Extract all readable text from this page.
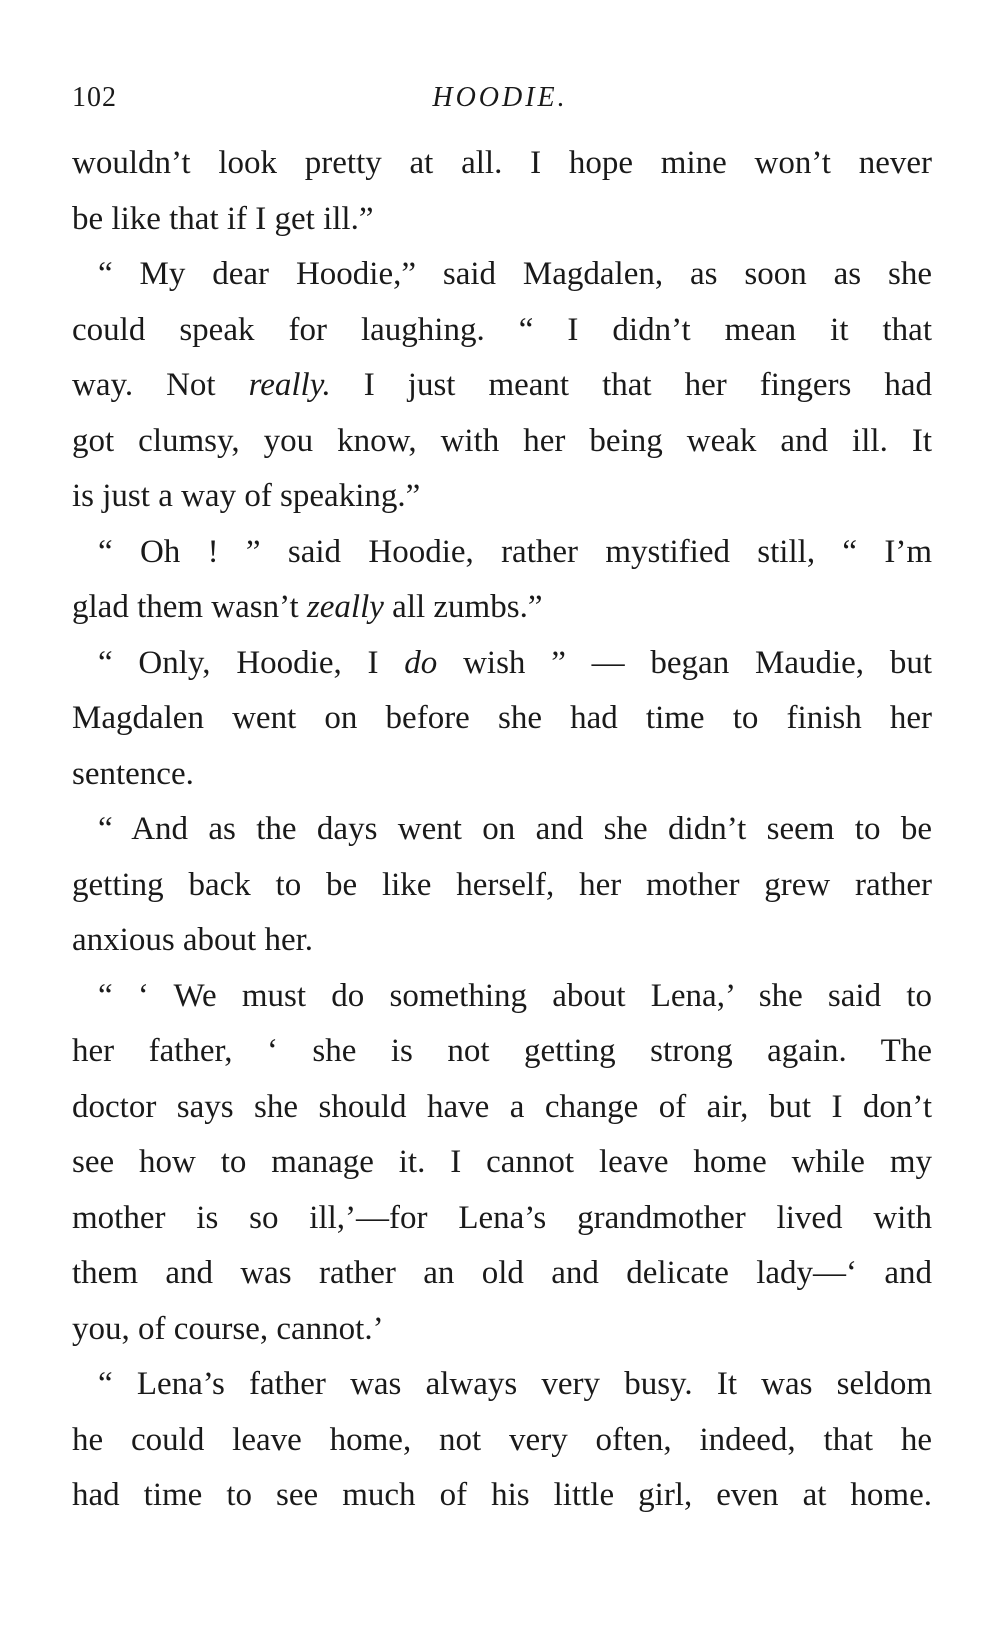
102	HOODIE.
wouldn’t look pretty at all. I hope mine won’t never
be like that if I get ill.”
“ My dear Hoodie,” said Magdalen, as soon as she
could speak for laughing. “ I didn’t mean it that
way. Not really. I just meant that her fingers had
got clumsy, you know, with her being weak and ill. It
is just a way of speaking.”
“ Oh ! ” said Hoodie, rather mystified still, “ I’m
glad them wasn’t zeally all zumbs.”
“ Only, Hoodie, I do wish ” — began Maudie, but
Magdalen went on before she had time to finish her
sentence.
“ And as the days went on and she didn’t seem to be
getting back to be like herself, her mother grew rather
anxious about her.
“ ‘ We must do something about Lena,’ she said to
her father, ‘ she is not getting strong again. The
doctor says she should have a change of air, but I don’t
see how to manage it. I cannot leave home while my
mother is so ill,’—for Lena’s grandmother lived with
them and was rather an old and delicate lady—‘ and
you, of course, cannot.’
“ Lena’s father was always very busy. It was seldom
he could leave home, not very often, indeed, that he
had time to see much of his little girl, even at home.
